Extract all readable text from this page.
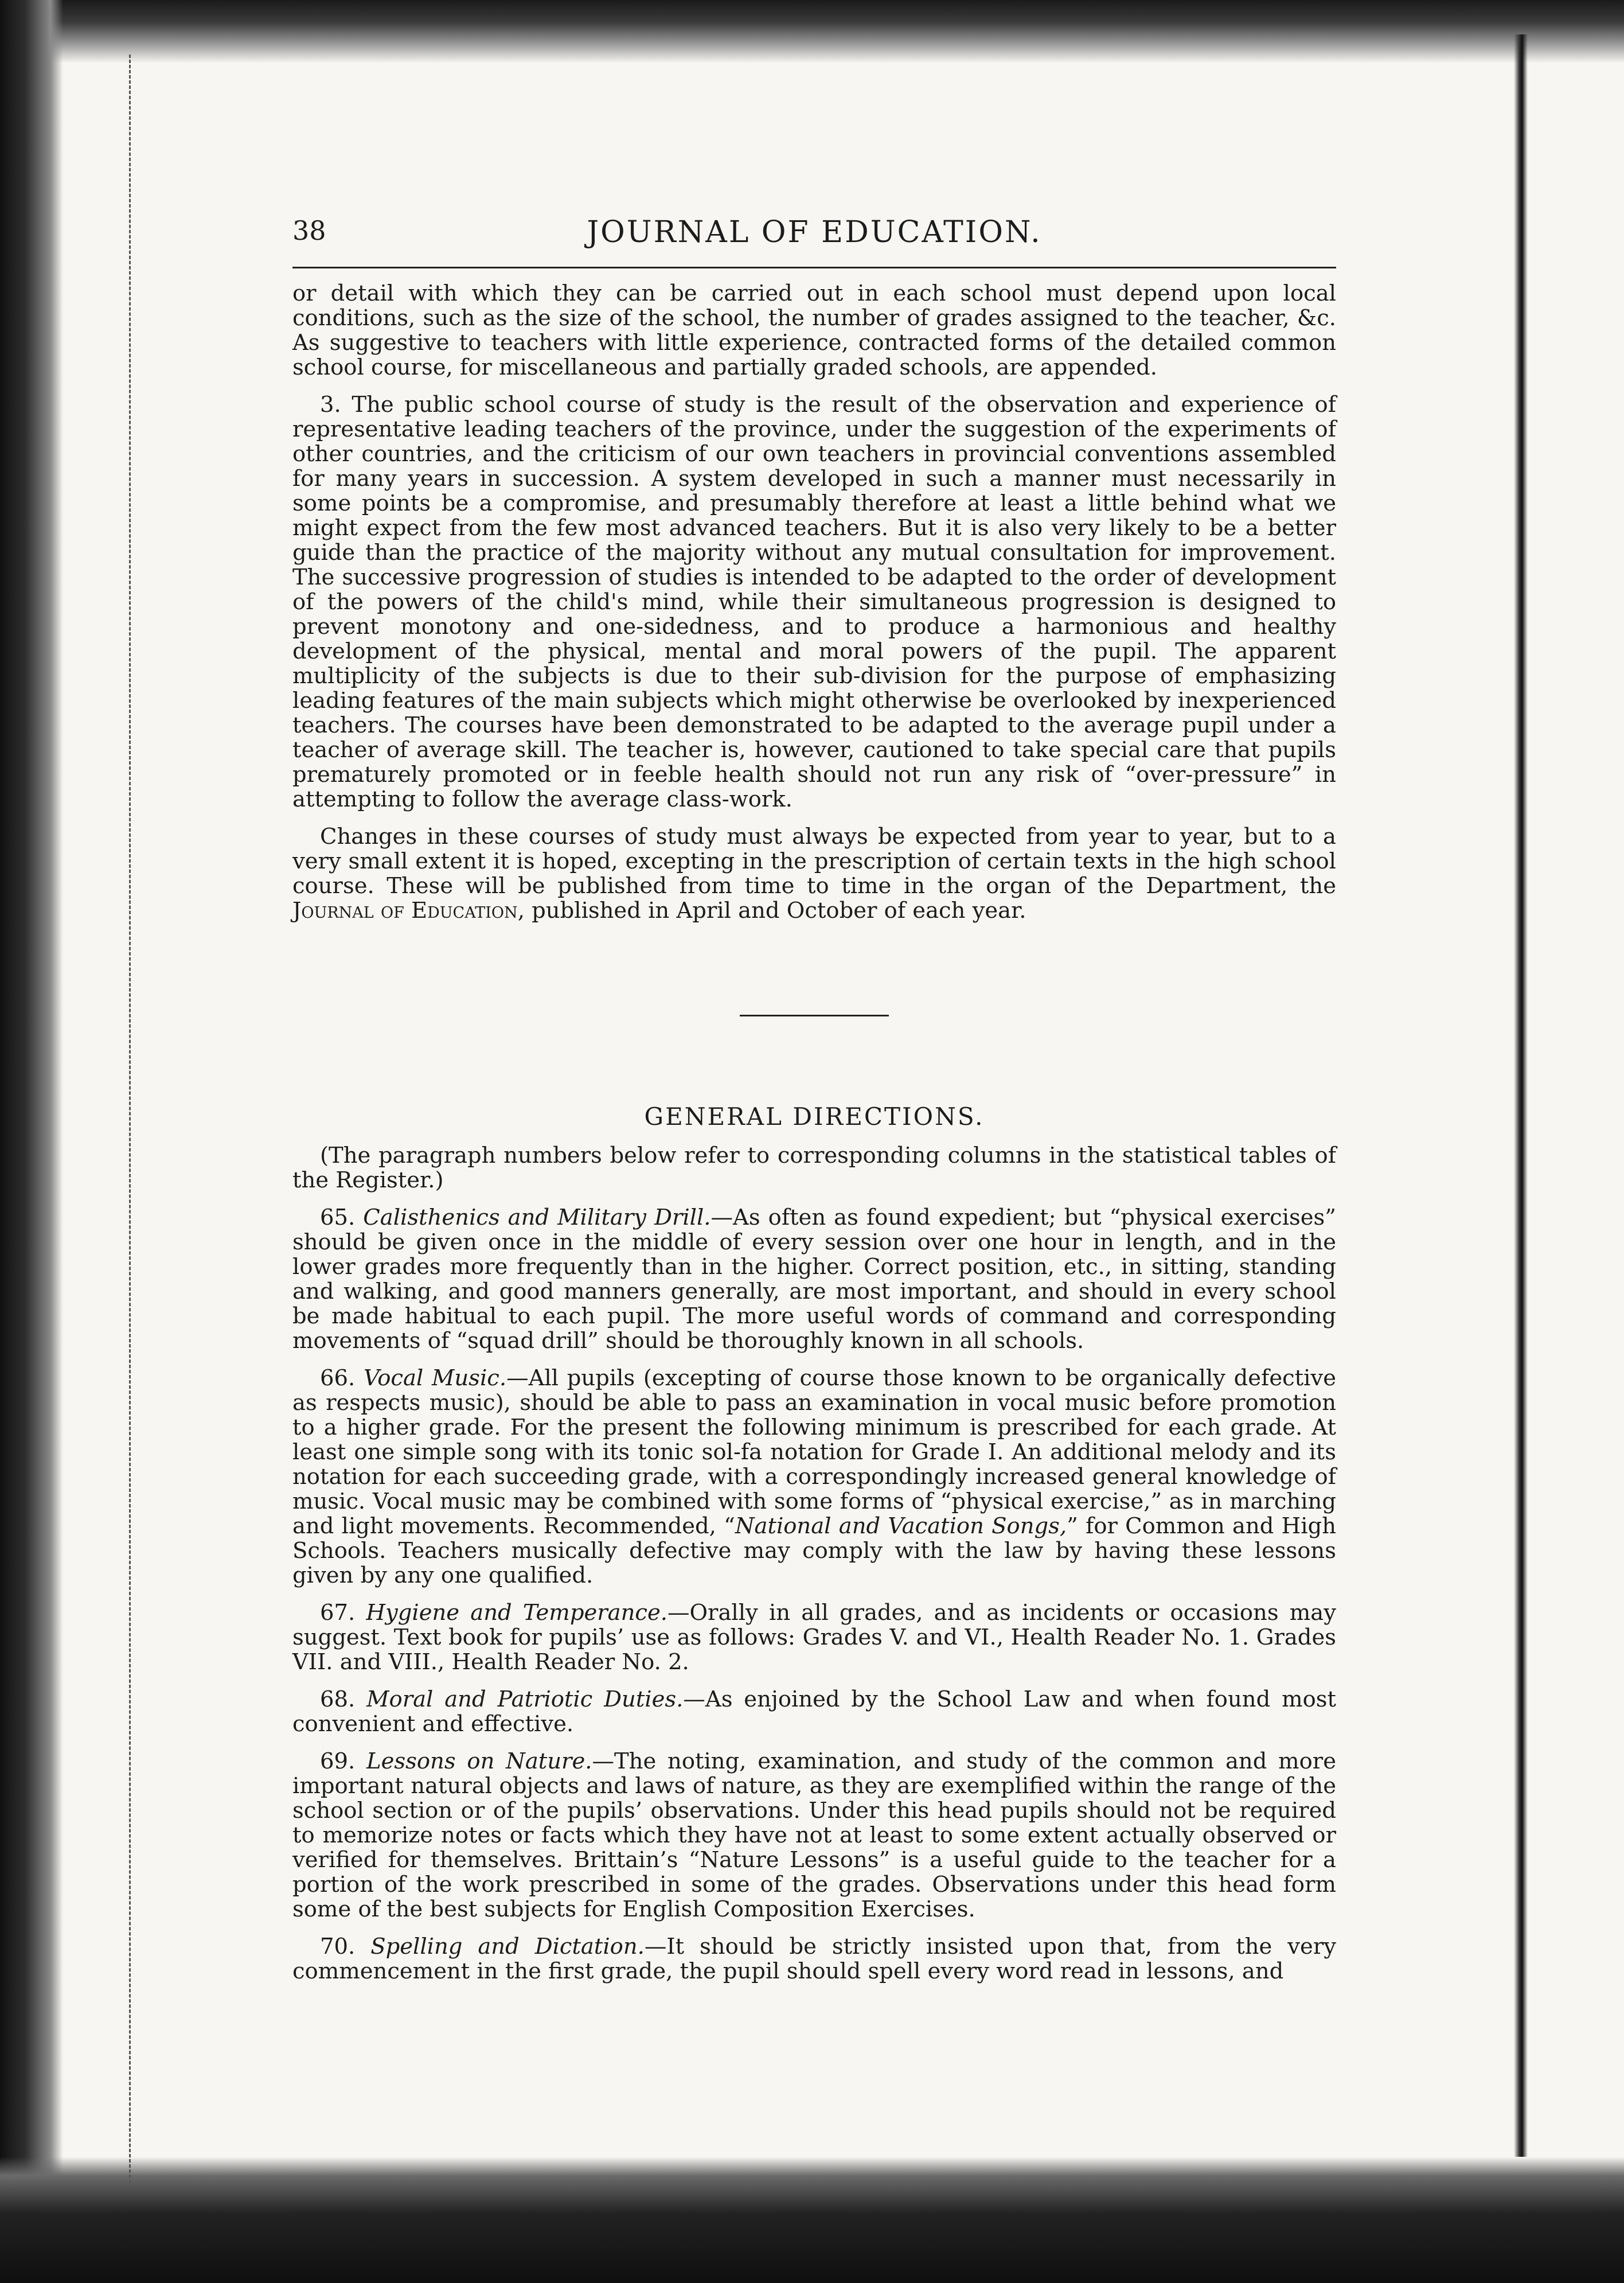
38	JOURNAL OF EDUCATION.

or detail with which they can be carried out in each school must depend upon local conditions, such as the size of the school, the number of grades assigned to the teacher, &c. As suggestive to teachers with little experience, contracted forms of the detailed common school course, for miscellaneous and partially graded schools, are appended.

3. The public school course of study is the result of the observation and experience of representative leading teachers of the province, under the suggestion of the experiments of other countries, and the criticism of our own teachers in provincial conventions assembled for many years in succession. A system developed in such a manner must necessarily in some points be a compromise, and presumably therefore at least a little behind what we might expect from the few most advanced teachers. But it is also very likely to be a better guide than the practice of the majority without any mutual consultation for improvement. The successive progression of studies is intended to be adapted to the order of development of the powers of the child's mind, while their simultaneous progression is designed to prevent monotony and one-sidedness, and to produce a harmonious and healthy development of the physical, mental and moral powers of the pupil. The apparent multiplicity of the subjects is due to their sub-division for the purpose of emphasizing leading features of the main subjects which might otherwise be overlooked by inexperienced teachers. The courses have been demonstrated to be adapted to the average pupil under a teacher of average skill. The teacher is, however, cautioned to take special care that pupils prematurely promoted or in feeble health should not run any risk of “over-pressure” in attempting to follow the average class-work.

Changes in these courses of study must always be expected from year to year, but to a very small extent it is hoped, excepting in the prescription of certain texts in the high school course. These will be published from time to time in the organ of the Department, the Journal of Education, published in April and October of each year.

GENERAL DIRECTIONS.

(The paragraph numbers below refer to corresponding columns in the statistical tables of the Register.)

65. Calisthenics and Military Drill.—As often as found expedient; but “physical exercises” should be given once in the middle of every session over one hour in length, and in the lower grades more frequently than in the higher. Correct position, etc., in sitting, standing and walking, and good manners generally, are most important, and should in every school be made habitual to each pupil. The more useful words of command and corresponding movements of “squad drill” should be thoroughly known in all schools.

66. Vocal Music.—All pupils (excepting of course those known to be organically defective as respects music), should be able to pass an examination in vocal music before promotion to a higher grade. For the present the following minimum is prescribed for each grade. At least one simple song with its tonic sol-fa notation for Grade I. An additional melody and its notation for each succeeding grade, with a correspondingly increased general knowledge of music. Vocal music may be combined with some forms of “physical exercise,” as in marching and light movements. Recommended, “National and Vacation Songs,” for Common and High Schools. Teachers musically defective may comply with the law by having these lessons given by any one qualified.

67. Hygiene and Temperance.—Orally in all grades, and as incidents or occasions may suggest. Text book for pupils’ use as follows: Grades V. and VI., Health Reader No. 1. Grades VII. and VIII., Health Reader No. 2.

68. Moral and Patriotic Duties.—As enjoined by the School Law and when found most convenient and effective.

69. Lessons on Nature.—The noting, examination, and study of the common and more important natural objects and laws of nature, as they are exemplified within the range of the school section or of the pupils’ observations. Under this head pupils should not be required to memorize notes or facts which they have not at least to some extent actually observed or verified for themselves. Brittain’s “Nature Lessons” is a useful guide to the teacher for a portion of the work prescribed in some of the grades. Observations under this head form some of the best subjects for English Composition Exercises.

70. Spelling and Dictation.—It should be strictly insisted upon that, from the very commencement in the first grade, the pupil should spell every word read in lessons, and
